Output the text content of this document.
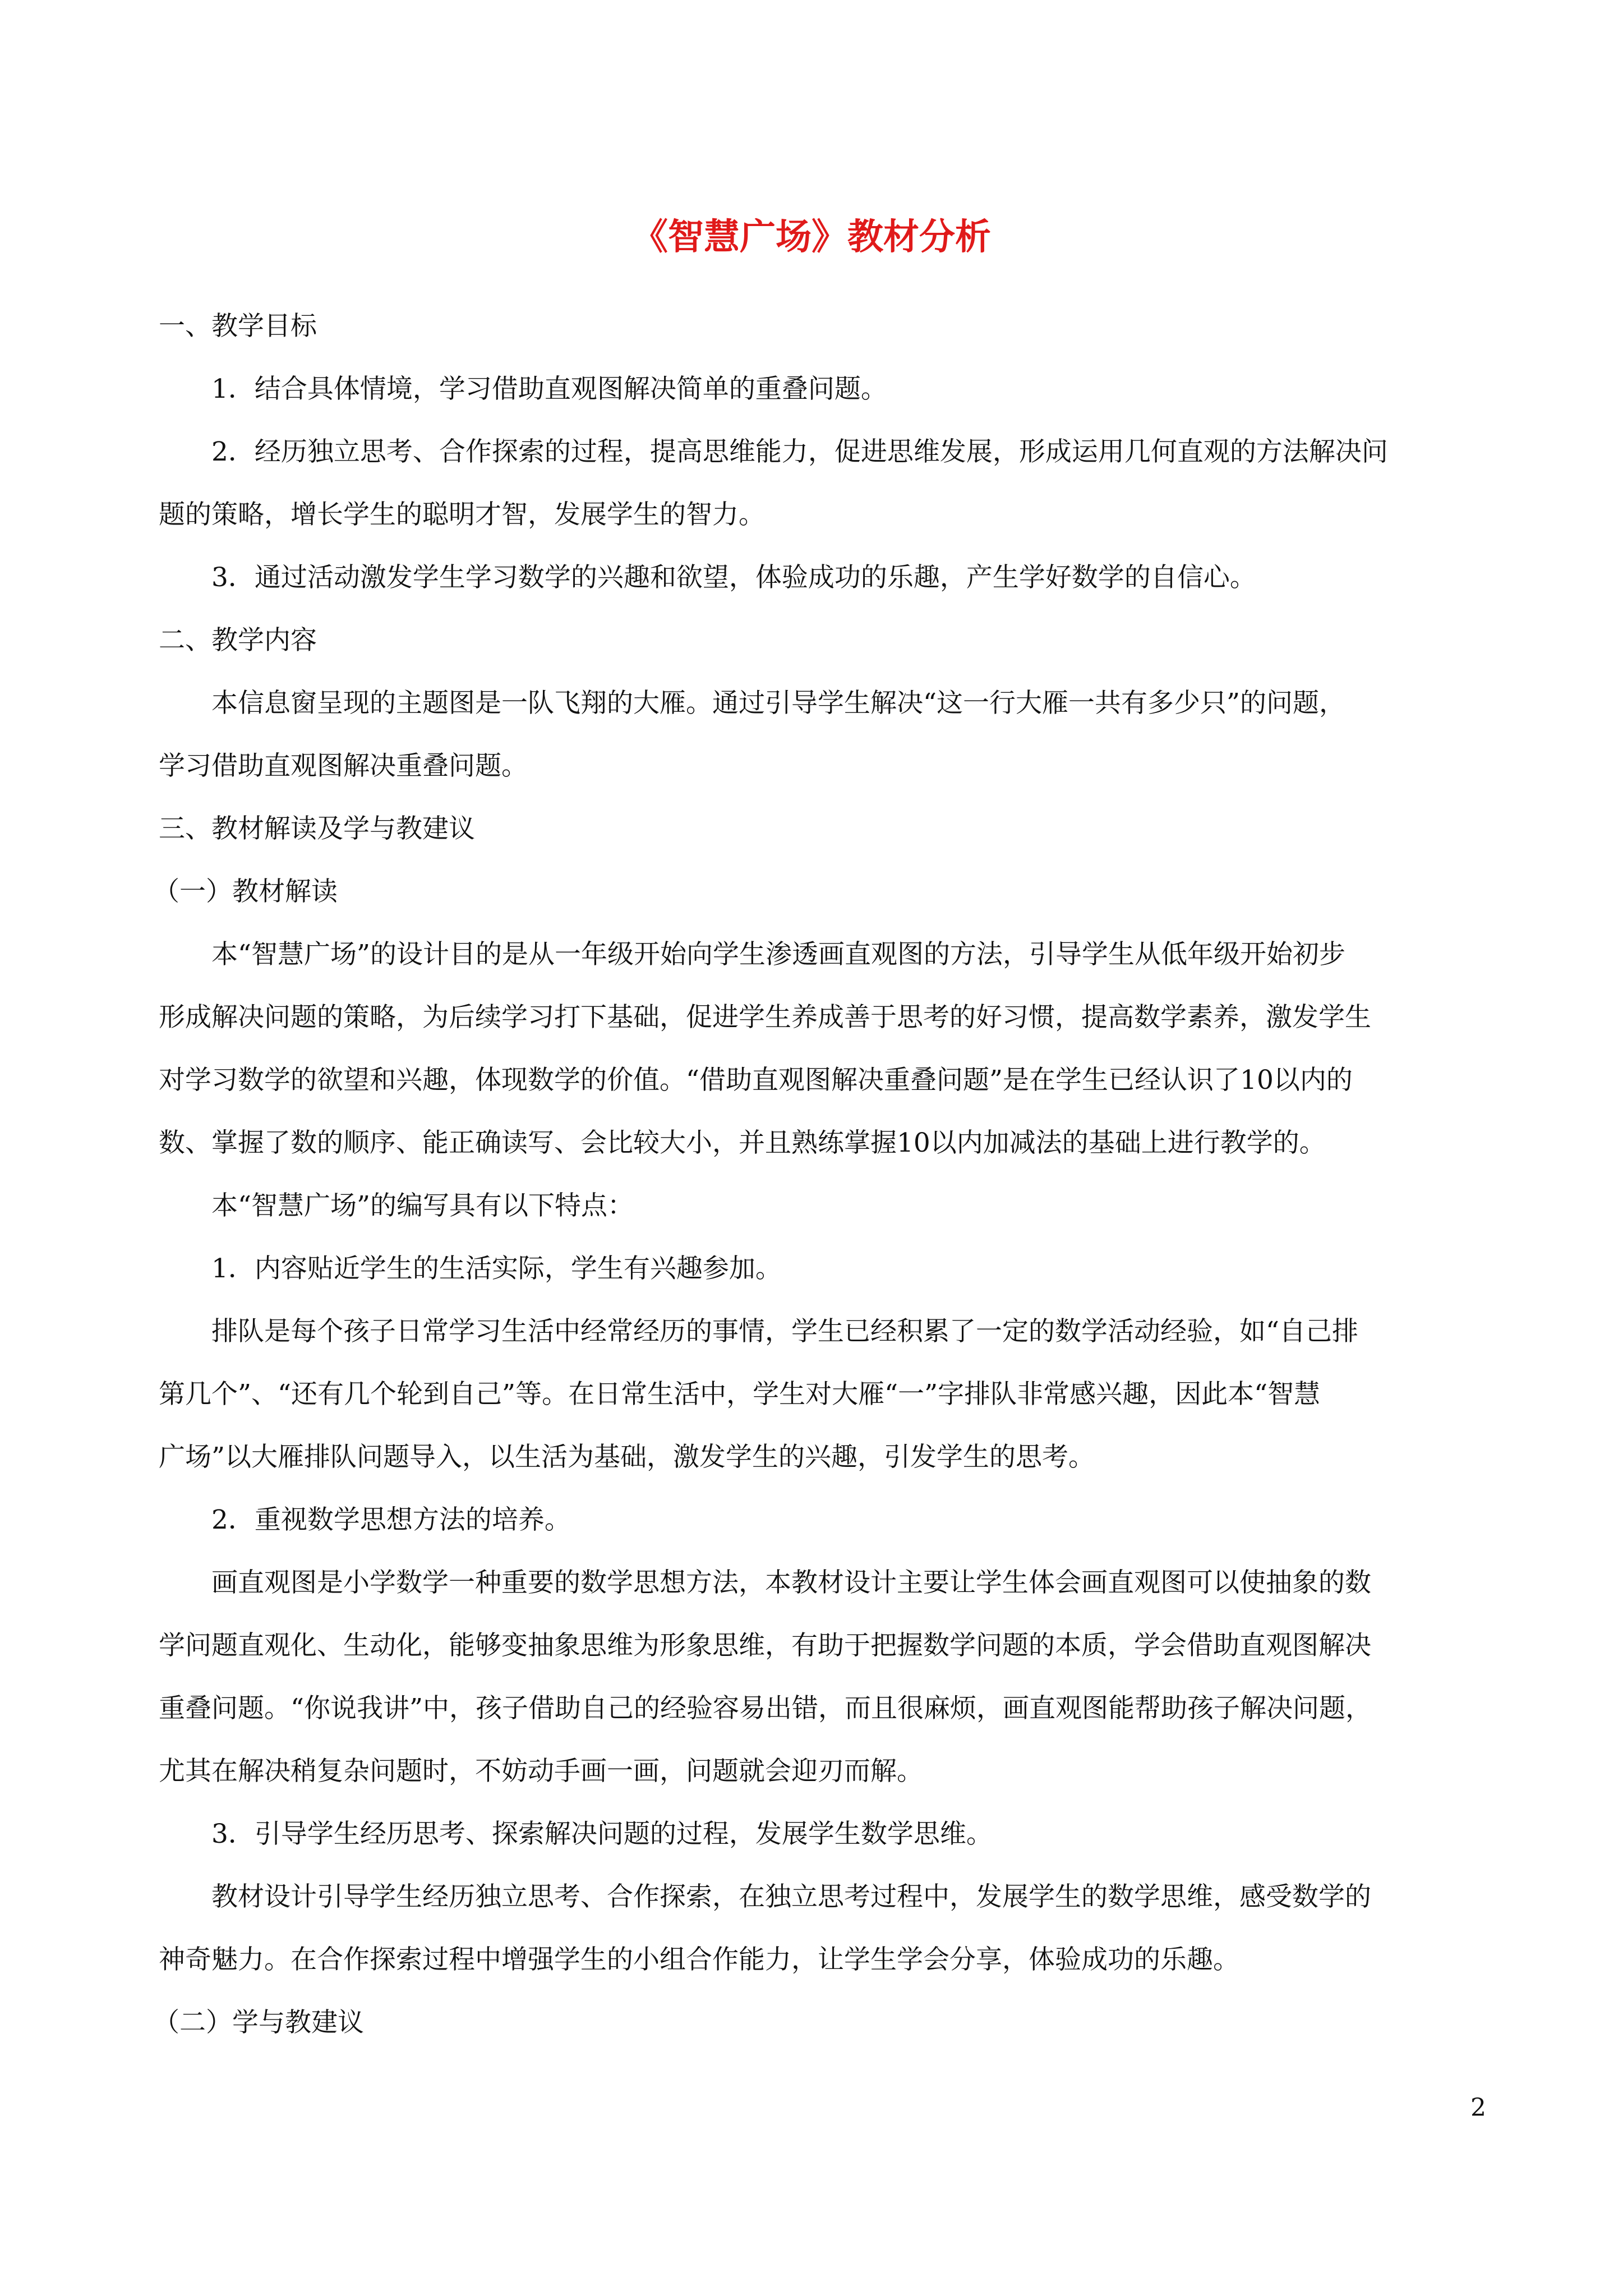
《智慧广场》教材分析
一、教学目标
1．结合具体情境，学习借助直观图解决简单的重叠问题。
2．经历独立思考、合作探索的过程，提高思维能力，促进思维发展，形成运用几何直观的方法解决问
题的策略，增长学生的聪明才智，发展学生的智力。
3．通过活动激发学生学习数学的兴趣和欲望，体验成功的乐趣，产生学好数学的自信心。
二、教学内容
本信息窗呈现的主题图是一队飞翔的大雁。通过引导学生解决“这一行大雁一共有多少只”的问题，
学习借助直观图解决重叠问题。
三、教材解读及学与教建议
（一）教材解读
本“智慧广场”的设计目的是从一年级开始向学生渗透画直观图的方法，引导学生从低年级开始初步
形成解决问题的策略，为后续学习打下基础，促进学生养成善于思考的好习惯，提高数学素养，激发学生
对学习数学的欲望和兴趣，体现数学的价值。“借助直观图解决重叠问题”是在学生已经认识了10以内的
数、掌握了数的顺序、能正确读写、会比较大小，并且熟练掌握10以内加减法的基础上进行教学的。
本“智慧广场”的编写具有以下特点：
1．内容贴近学生的生活实际，学生有兴趣参加。
排队是每个孩子日常学习生活中经常经历的事情，学生已经积累了一定的数学活动经验，如“自己排
第几个”、“还有几个轮到自己”等。在日常生活中，学生对大雁“一”字排队非常感兴趣，因此本“智慧
广场”以大雁排队问题导入，以生活为基础，激发学生的兴趣，引发学生的思考。
2．重视数学思想方法的培养。
画直观图是小学数学一种重要的数学思想方法，本教材设计主要让学生体会画直观图可以使抽象的数
学问题直观化、生动化，能够变抽象思维为形象思维，有助于把握数学问题的本质，学会借助直观图解决
重叠问题。“你说我讲”中，孩子借助自己的经验容易出错，而且很麻烦，画直观图能帮助孩子解决问题，
尤其在解决稍复杂问题时，不妨动手画一画，问题就会迎刃而解。
3．引导学生经历思考、探索解决问题的过程，发展学生数学思维。
教材设计引导学生经历独立思考、合作探索，在独立思考过程中，发展学生的数学思维，感受数学的
神奇魅力。在合作探索过程中增强学生的小组合作能力，让学生学会分享，体验成功的乐趣。
（二）学与教建议
2
